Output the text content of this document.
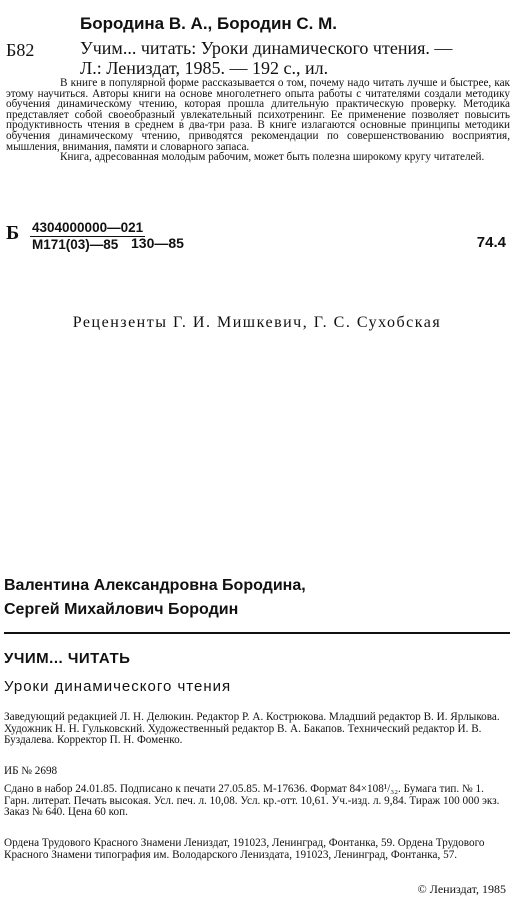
Бородина В. А., Бородин С. М.
Б82	Учим... читать: Уроки динамического чтения. —
Л.: Лениздат, 1985. — 192 с., ил.

В книге в популярной форме рассказывается о том, почему надо читать лучше и быстрее, как этому научиться. Авторы книги на основе многолетнего опыта работы с читателями создали методику обучения динамическому чтению, которая прошла длительную практическую проверку. Методика представляет собой своеобразный увлекательный психотренинг. Ее применение позволяет повысить продуктивность чтения в среднем в два-три раза. В книге излагаются основные принципы методики обучения динамическому чтению, приводятся рекомендации по совершенствованию восприятия, мышления, внимания, памяти и словарного запаса.

Книга, адресованная молодым рабочим, может быть полезна широкому кругу читателей.

Б 4304000000—021
М171(03)—85 130—85	74.4
Рецензенты Г. И. Мишкевич, Г. С. Сухобская
Валентина Александровна Бородина,
Сергей Михайлович Бородин
УЧИМ... ЧИТАТЬ
Уроки динамического чтения
Заведующий редакцией Л. Н. Делюкин. Редактор Р. А. Кострюкова. Младший редактор В. И. Ярлыкова. Художник Н. Н. Гульковский. Художественный редактор В. А. Бакапов. Технический редактор И. В. Буздалева. Корректор П. Н. Фоменко.
ИБ № 2698
Сдано в набор 24.01.85. Подписано к печати 27.05.85. М-17636. Формат 84×108¹/₃₂. Бумага тип. № 1. Гарн. литерат. Печать высокая. Усл. печ. л. 10,08. Усл. кр.-отт. 10,61. Уч.-изд. л. 9,84. Тираж 100 000 экз. Заказ № 640. Цена 60 коп.
Ордена Трудового Красного Знамени Лениздат, 191023, Ленинград, Фонтанка, 59. Ордена Трудового Красного Знамени типография им. Володарского Лениздата, 191023, Ленинград, Фонтанка, 57.
© Лениздат, 1985
